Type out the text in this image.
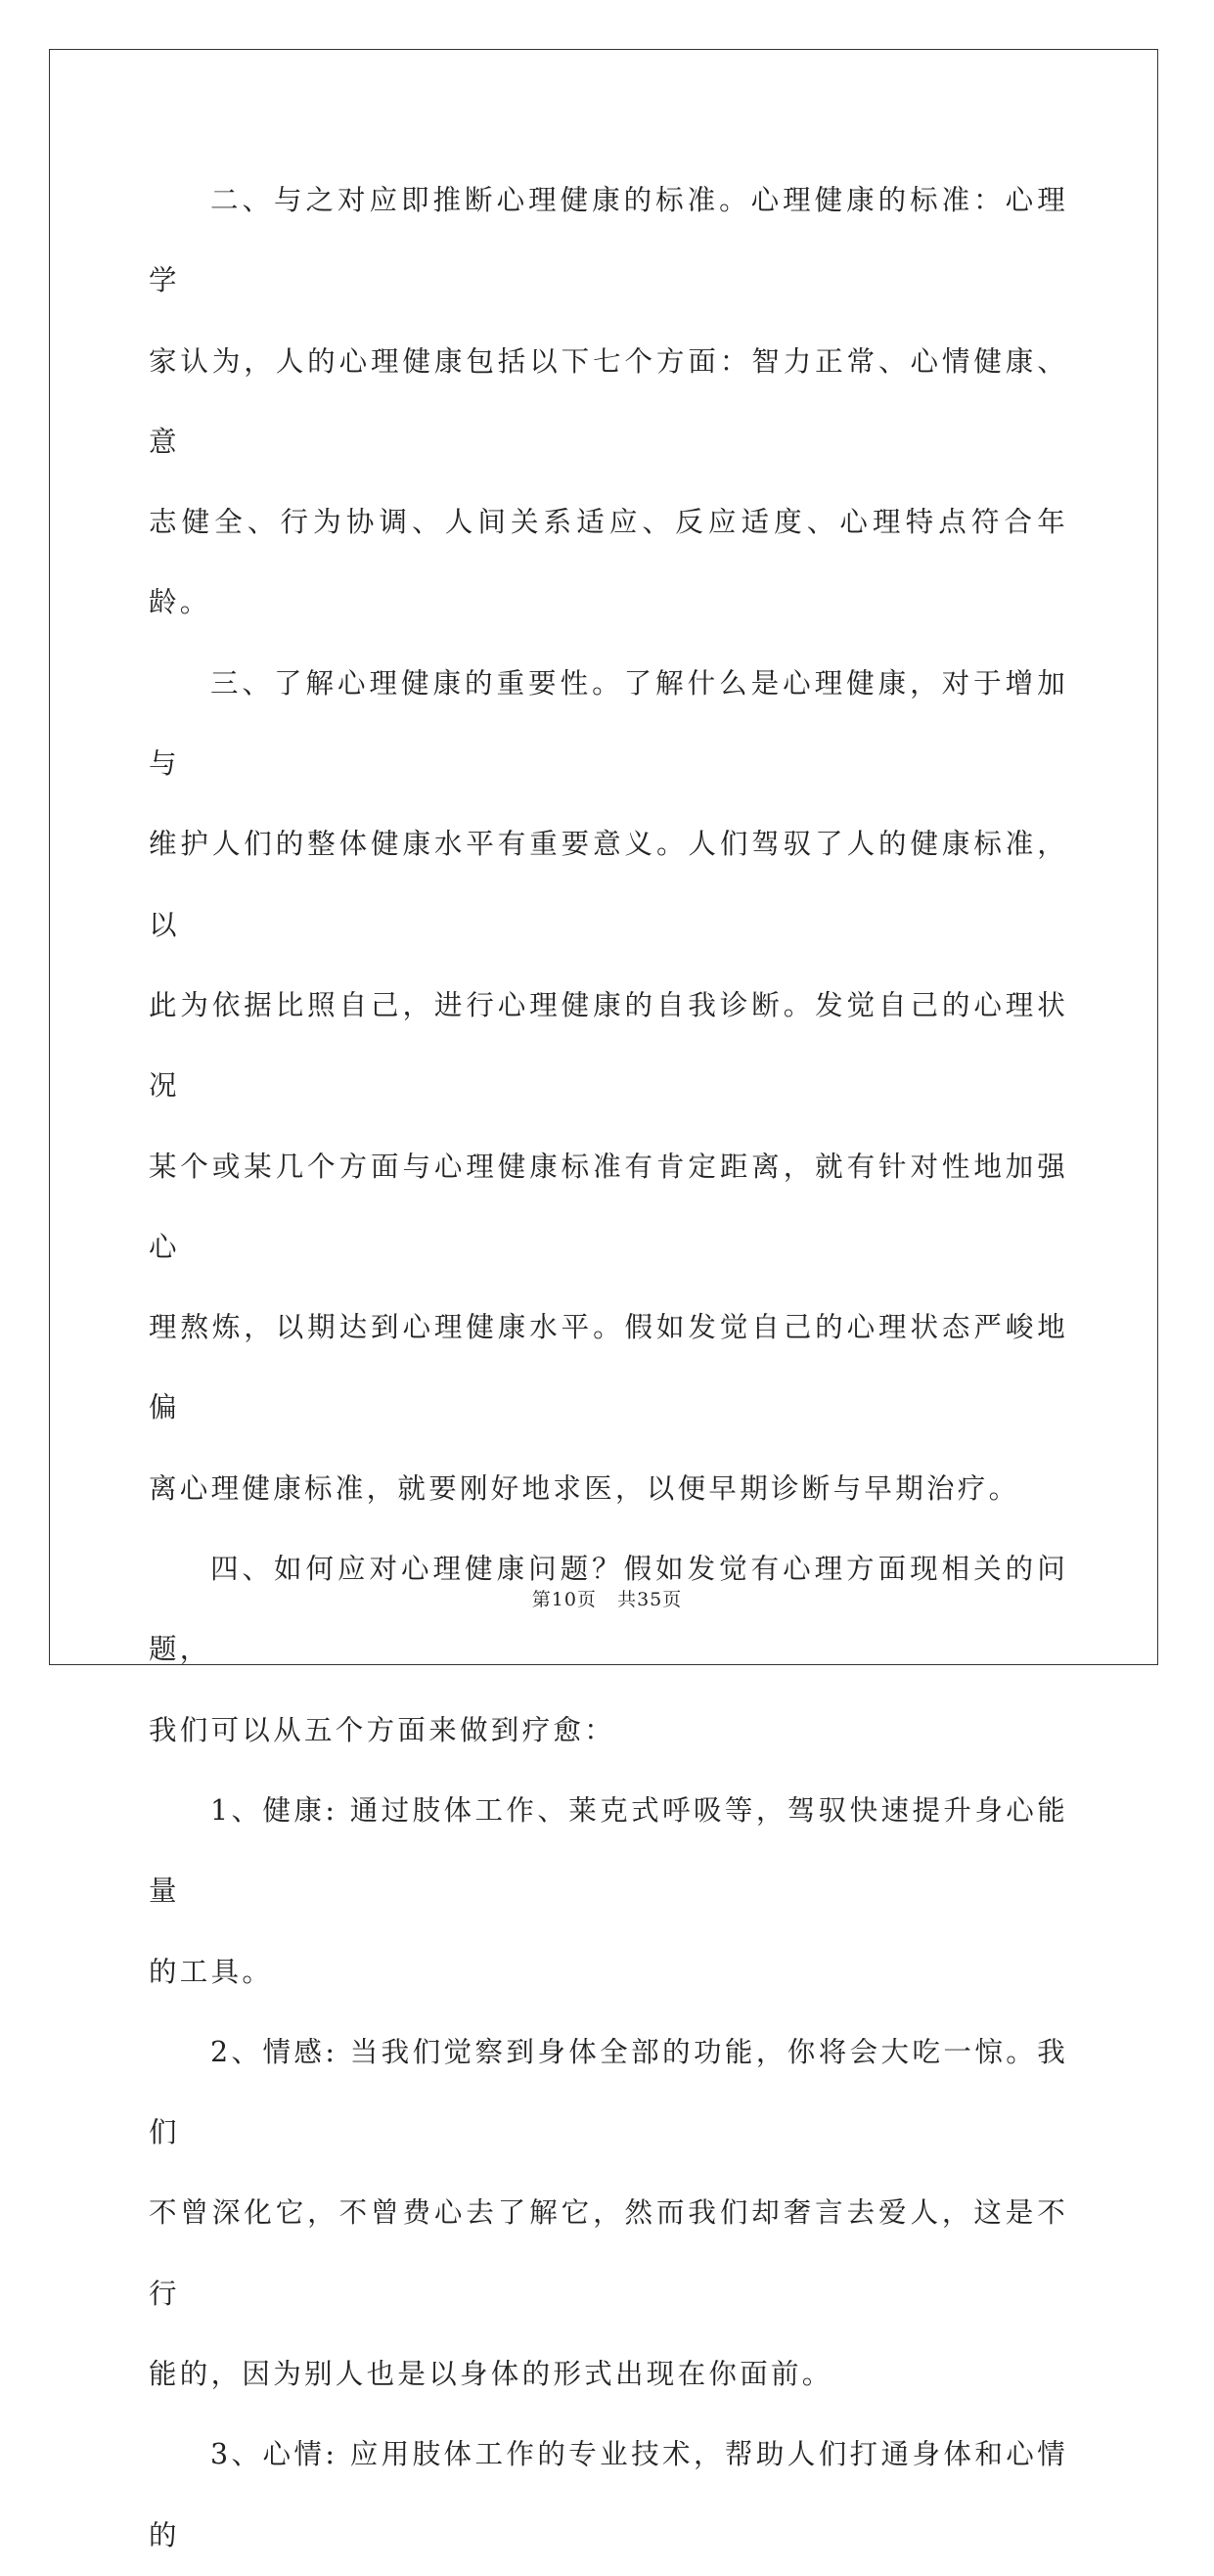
二、与之对应即推断心理健康的标准。心理健康的标准：心理学
家认为，人的心理健康包括以下七个方面：智力正常、心情健康、意
志健全、行为协调、人间关系适应、反应适度、心理特点符合年龄。
三、了解心理健康的重要性。了解什么是心理健康，对于增加与
维护人们的整体健康水平有重要意义。人们驾驭了人的健康标准，以
此为依据比照自己，进行心理健康的自我诊断。发觉自己的心理状况
某个或某几个方面与心理健康标准有肯定距离，就有针对性地加强心
理熬炼，以期达到心理健康水平。假如发觉自己的心理状态严峻地偏
离心理健康标准，就要刚好地求医，以便早期诊断与早期治疗。
四、如何应对心理健康问题？假如发觉有心理方面现相关的问题，
我们可以从五个方面来做到疗愈：
1、健康: 通过肢体工作、莱克式呼吸等，驾驭快速提升身心能量
的工具。
2、情感: 当我们觉察到身体全部的功能，你将会大吃一惊。我们
不曾深化它，不曾费心去了解它，然而我们却奢言去爱人，这是不行
能的，因为别人也是以身体的形式出现在你面前。
3、心情: 应用肢体工作的专业技术，帮助人们打通身体和心情的
第10页 共35页
